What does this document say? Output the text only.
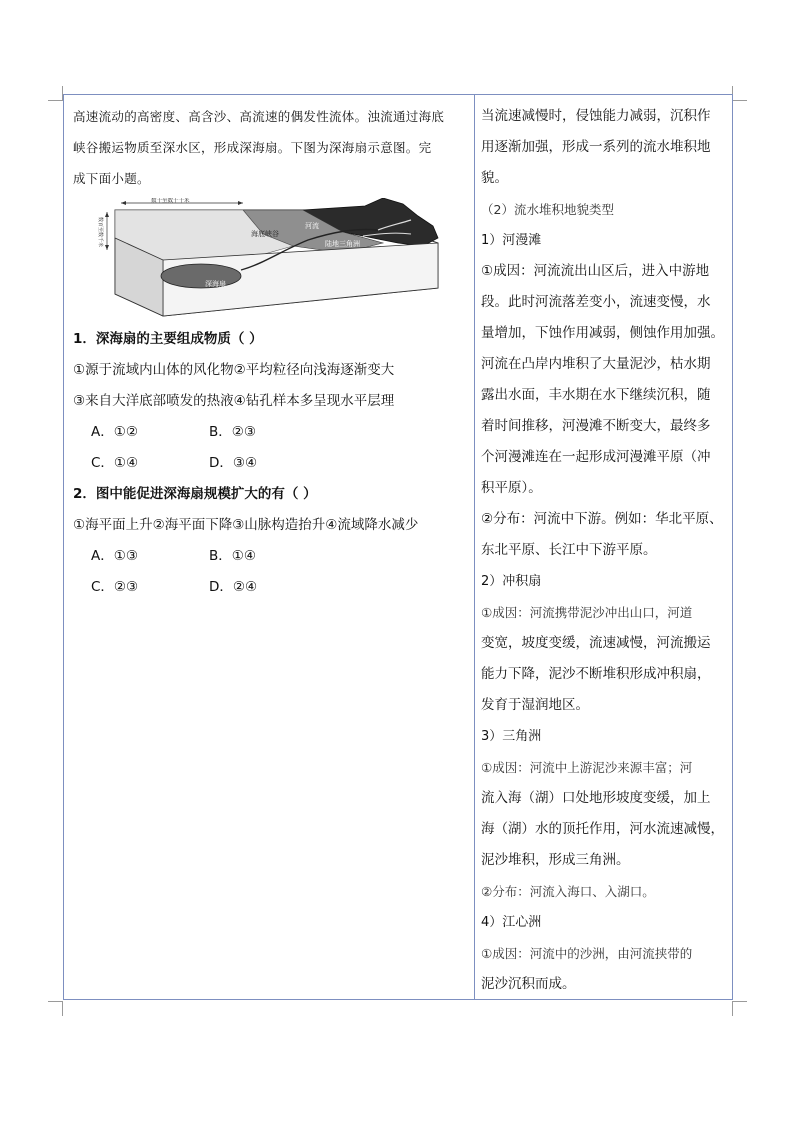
高速流动的高密度、高含沙、高流速的偶发性流体。浊流通过海底

峡谷搬运物质至深水区，形成深海扇。下图为深海扇示意图。完

成下面小题。

数十至数千千米
数百至数千米	海底峡谷
河流
陆地三角洲
深海扇

1．深海扇的主要组成物质（ ）

①源于流域内山体的风化物②平均粒径向浅海逐渐变大

③来自大洋底部喷发的热液④钻孔样本多呈现水平层理

A．①②	B．②③
C．①④	D．③④

2．图中能促进深海扇规模扩大的有（ ）

①海平面上升②海平面下降③山脉构造抬升④流域降水减少

A．①③	B．①④
C．②③	D．②④

当流速减慢时，侵蚀能力减弱，沉积作

用逐渐加强，形成一系列的流水堆积地

貌。

（2）流水堆积地貌类型

1）河漫滩

①成因：河流流出山区后，进入中游地

段。此时河流落差变小，流速变慢，水

量增加，下蚀作用减弱，侧蚀作用加强。

河流在凸岸内堆积了大量泥沙，枯水期

露出水面，丰水期在水下继续沉积，随

着时间推移，河漫滩不断变大，最终多

个河漫滩连在一起形成河漫滩平原（冲

积平原）。

②分布：河流中下游。例如：华北平原、

东北平原、长江中下游平原。

2）冲积扇

①成因：河流携带泥沙冲出山口，河道

变宽，坡度变缓，流速减慢，河流搬运

能力下降，泥沙不断堆积形成冲积扇，

发育于湿润地区。

3）三角洲

①成因：河流中上游泥沙来源丰富；河

流入海（湖）口处地形坡度变缓，加上

海（湖）水的顶托作用，河水流速减慢，

泥沙堆积，形成三角洲。

②分布：河流入海口、入湖口。

4）江心洲

①成因：河流中的沙洲，由河流挟带的

泥沙沉积而成。
